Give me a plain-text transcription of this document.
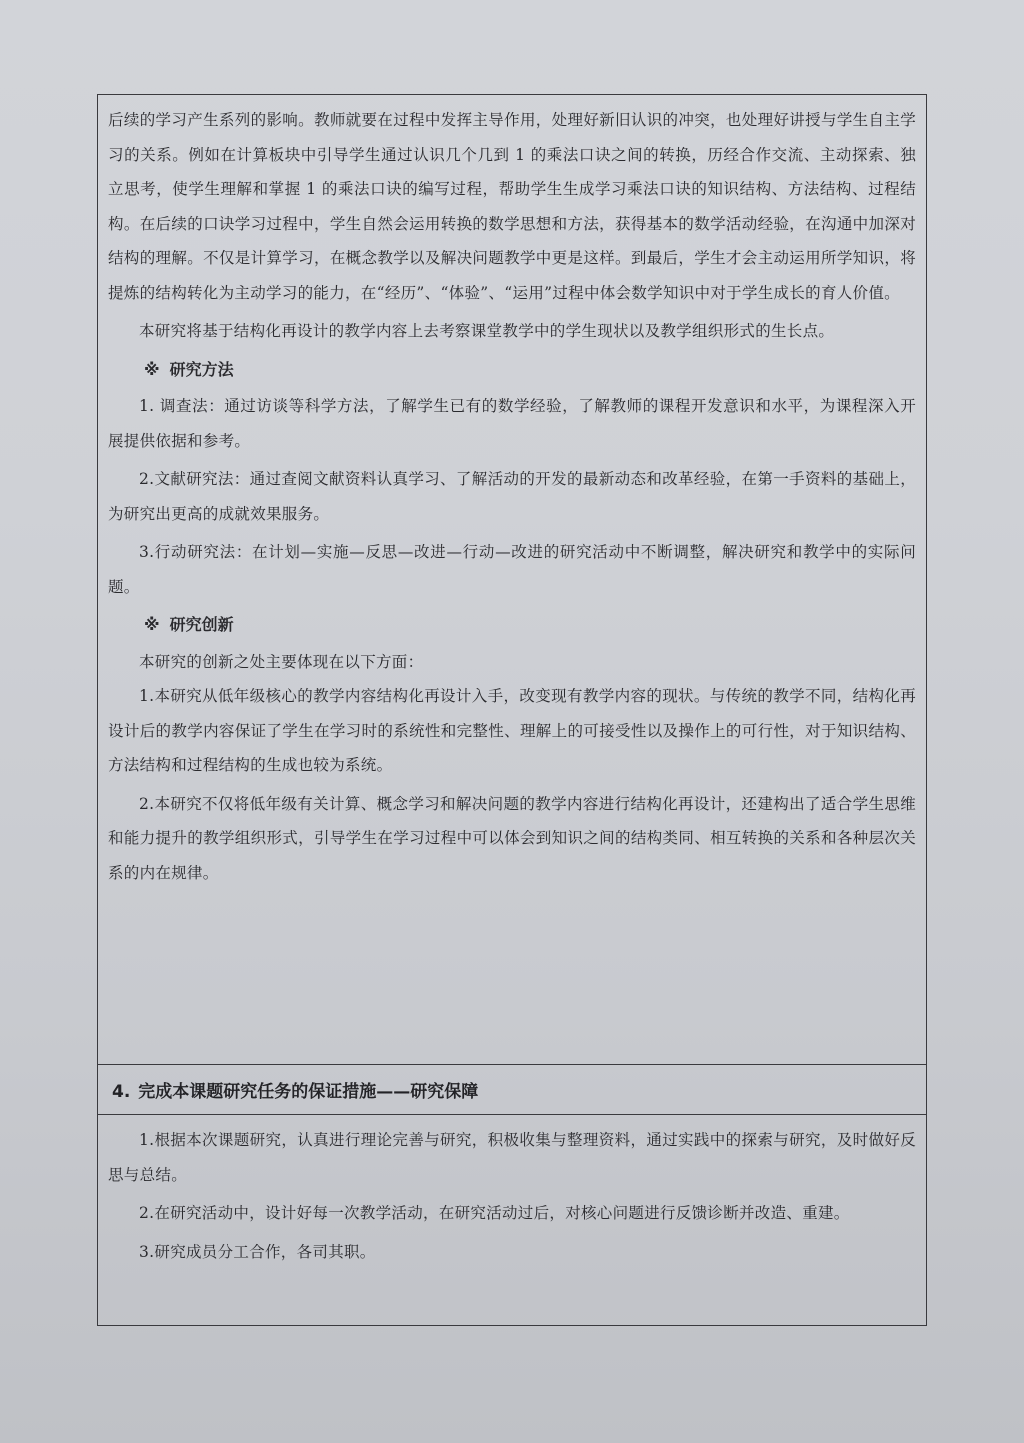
后续的学习产生系列的影响。教师就要在过程中发挥主导作用，处理好新旧认识的冲突，也处理好讲授与学生自主学习的关系。例如在计算板块中引导学生通过认识几个几到 1 的乘法口诀之间的转换，历经合作交流、主动探索、独立思考，使学生理解和掌握 1 的乘法口诀的编写过程，帮助学生生成学习乘法口诀的知识结构、方法结构、过程结构。在后续的口诀学习过程中，学生自然会运用转换的数学思想和方法，获得基本的数学活动经验，在沟通中加深对结构的理解。不仅是计算学习，在概念教学以及解决问题教学中更是这样。到最后，学生才会主动运用所学知识，将提炼的结构转化为主动学习的能力，在“经历”、“体验”、“运用”过程中体会数学知识中对于学生成长的育人价值。

本研究将基于结构化再设计的教学内容上去考察课堂教学中的学生现状以及教学组织形式的生长点。

※ 研究方法

1. 调查法：通过访谈等科学方法，了解学生已有的数学经验，了解教师的课程开发意识和水平，为课程深入开展提供依据和参考。

2.文献研究法：通过查阅文献资料认真学习、了解活动的开发的最新动态和改革经验，在第一手资料的基础上，为研究出更高的成就效果服务。

3.行动研究法：在计划—实施—反思—改进—行动—改进的研究活动中不断调整，解决研究和教学中的实际问题。

※ 研究创新

本研究的创新之处主要体现在以下方面：

1.本研究从低年级核心的教学内容结构化再设计入手，改变现有教学内容的现状。与传统的教学不同，结构化再设计后的教学内容保证了学生在学习时的系统性和完整性、理解上的可接受性以及操作上的可行性，对于知识结构、方法结构和过程结构的生成也较为系统。

2.本研究不仅将低年级有关计算、概念学习和解决问题的教学内容进行结构化再设计，还建构出了适合学生思维和能力提升的教学组织形式，引导学生在学习过程中可以体会到知识之间的结构类同、相互转换的关系和各种层次关系的内在规律。

4. 完成本课题研究任务的保证措施——研究保障

1.根据本次课题研究，认真进行理论完善与研究，积极收集与整理资料，通过实践中的探索与研究，及时做好反思与总结。

2.在研究活动中，设计好每一次教学活动，在研究活动过后，对核心问题进行反馈诊断并改造、重建。

3.研究成员分工合作，各司其职。
